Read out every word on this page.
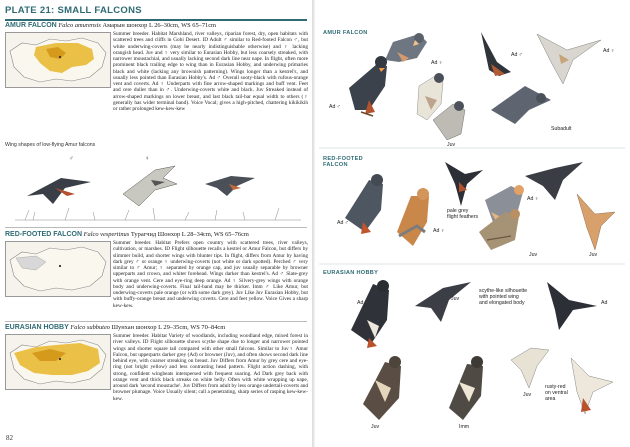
PLATE 21: SMALL FALCONS
AMUR FALCON Falco amurensis Амарын шонхор L 26–30cm, WS 65–71cm
Summer breeder. Habitat Marshland, river valleys, riparian forest, dry, open habitats with scattered trees and cliffs in Gobi Desert. ID Adult ♂ similar to Red-footed Falcon ♂, but white underwing-coverts (may be nearly indistinguishable otherwise) and ♀ lacking orangish head. Juv and ♀ very similar to Eurasian Hobby, but less coarsely streaked, with narrower moustachial, and usually lacking second dark line near nape. In flight, often more prominent black trailing edge to wing than in Eurasian Hobby, and underwing primaries black and white (lacking any brownish patterning). Wings longer than a kestrel's, and usually less pointed than Eurasian Hobby's. Ad ♂ Overall sooty-black with rufous-orange vent and coverts. Ad ♀ Underparts with fine arrow-shaped markings and buff vent. Feet and cere duller than in ♂. Underwing-coverts white and black. Juv Streaked instead of arrow-shaped markings on lower breast, and last black tail-bar equal width to others (♀ generally has wider terminal band). Voice Vocal; gives a high-pitched, chattering kikikikih or rather prolonged kew-kew-kew
Wing shapes of low-flying Amur falcons
♂	♀
RED-FOOTED FALCON Falco vespertinus Турагчид Шонхор L 28–34cm, WS 65–76cm
Summer breeder. Habitat Prefers open country with scattered trees, river valleys, cultivation, or marshes. ID Flight silhouette recalls a kestrel or Amur Falcon, but differs by slimmer build, and shorter wings with blunter tips. In flight, differs from Amur by having dark grey ♂ or orange ♀ underwing-coverts (not white or dark spotted). Perched ♂ very similar to ♂ Amur; ♀ separated by orange cap, and juv usually separable by browner upperparts and crown, and whiter forehead. Wings darker than kestrel's. Ad ♂ Slate-grey with orange vent. Cere and eye-ring deep orange. Ad ♀ Silvery-grey wings with orange body and underwing-coverts. Final tail-band may be thicker. Imm ♂ Like Amur, but underwing-coverts pale orange (or with some dark grey). Juv Like Juv Eurasian Hobby, but with buffy-orange breast and underwing coverts. Cere and feet yellow. Voice Gives a sharp kew-kew.
EURASIAN HOBBY Falco subbuteo Шунхан шонхор L 29–35cm, WS 70–84cm
Summer breeder. Habitat Variety of woodlands, including woodland edge, mixed forest in river valleys. ID Flight silhouette shows scythe shape due to longer and narrower pointed wings and shorter square tail compared with other small falcons. Similar to Juv♀ Amur Falcon, but upperparts darker grey (Ad) or browner (Juv), and often shows second dark line behind eye, with coarser streaking on breast. Juv Differs from Amur by grey cere and eye-ring (not bright yellow) and less contrasting head pattern. Flight action dashing, with strong, confident wingbeats interspersed with frequent soaring. Ad Dark grey back with orange vent and thick black streaks on white belly. Often with white wrapping up nape, around dark 'second moustache'. Juv Differs from adult by less orange undertail-coverts and browner plumage. Voice Usually silent; call a penetrating, sharp series of rasping kew-kew-kew.
82
AMUR FALCON
RED-FOOTED
FALCON
EURASIAN HOBBY
Ad ♀
Ad ♂
Ad ♂
Ad ♀
Subadult
Juv
Ad ♂
Ad ♀
pale grey
flight feathers
Juv
Ad ♀
Juv
Ad
Juv
scythe-like silhouette
with pointed wing
and elongated body	Ad
Juv	Imm
Juv
rusty-red
on ventral
area
